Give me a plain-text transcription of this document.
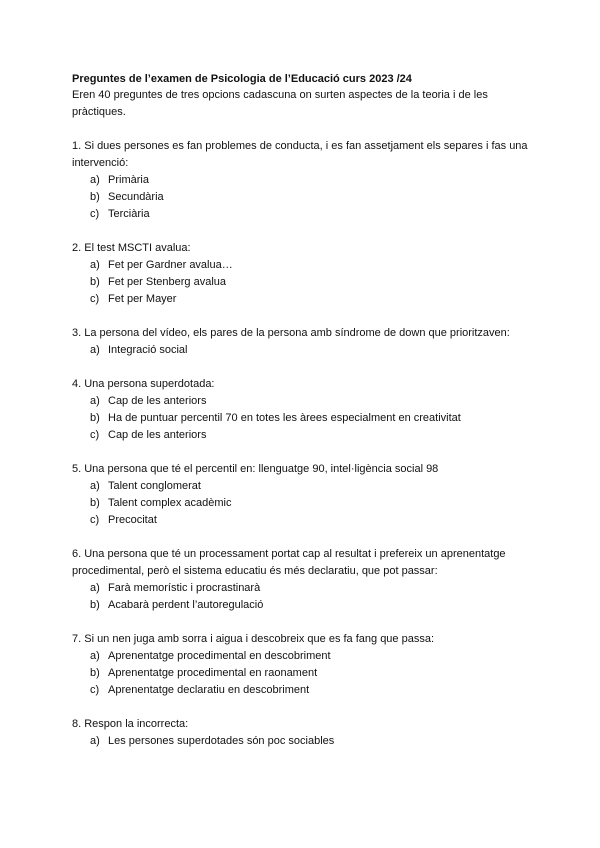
Preguntes de l’examen de Psicologia de l’Educació curs 2023 /24
Eren 40 preguntes de tres opcions cadascuna on surten aspectes de la teoria i de les pràctiques.

1. Si dues persones es fan problemes de conducta, i es fan assetjament els separes i fas una intervenció:

a) Primària
b) Secundària
c) Terciària

2. El test MSCTI avalua:

a) Fet per Gardner avalua…
b) Fet per Stenberg avalua
c) Fet per Mayer

3. La persona del vídeo, els pares de la persona amb síndrome de down que prioritzaven:

a) Integració social

4. Una persona superdotada:

a) Cap de les anteriors
b) Ha de puntuar percentil 70 en totes les àrees especialment en creativitat
c) Cap de les anteriors

5. Una persona que té el percentil en: llenguatge 90, intel·ligència social 98

a) Talent conglomerat
b) Talent complex acadèmic
c) Precocitat

6. Una persona que té un processament portat cap al resultat i prefereix un aprenentatge procedimental, però el sistema educatiu és més declaratiu, que pot passar:

a) Farà memorístic i procrastinarà
b) Acabarà perdent l’autoregulació

7. Si un nen juga amb sorra i aigua i descobreix que es fa fang que passa:

a) Aprenentatge procedimental en descobriment
b) Aprenentatge procedimental en raonament
c) Aprenentatge declaratiu en descobriment

8. Respon la incorrecta:

a) Les persones superdotades són poc sociables
